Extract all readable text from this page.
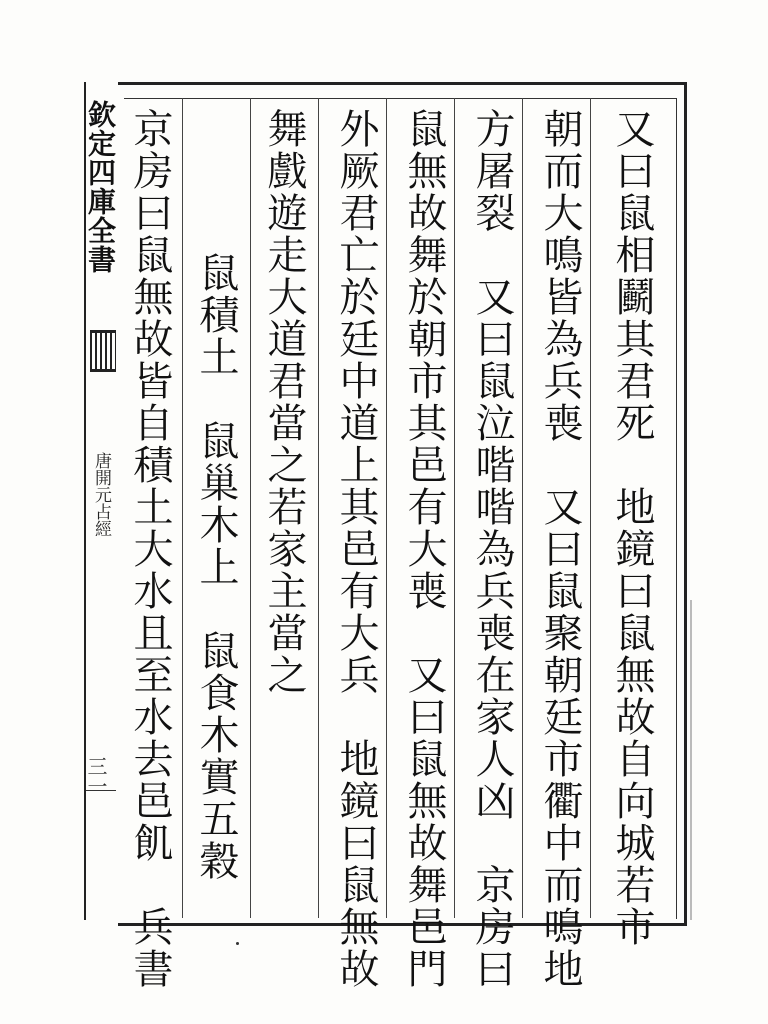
欽定四庫全書
唐開元占經
三一	又曰鼠相鬬其君死　地鏡曰鼠無故自向城若市
朝而大鳴皆為兵喪　又曰鼠聚朝廷市衢中而鳴地
方屠裂　又曰鼠泣喈喈為兵喪在家人凶　京房曰
鼠無故舞於朝市其邑有大喪　又曰鼠無故舞邑門
外厥君亡於廷中道上其邑有大兵　地鏡曰鼠無故
舞戲遊走大道君當之若家主當之
鼠積土　鼠巢木上　鼠食木實五穀
京房曰鼠無故皆自積土大水且至水去邑飢　兵書
